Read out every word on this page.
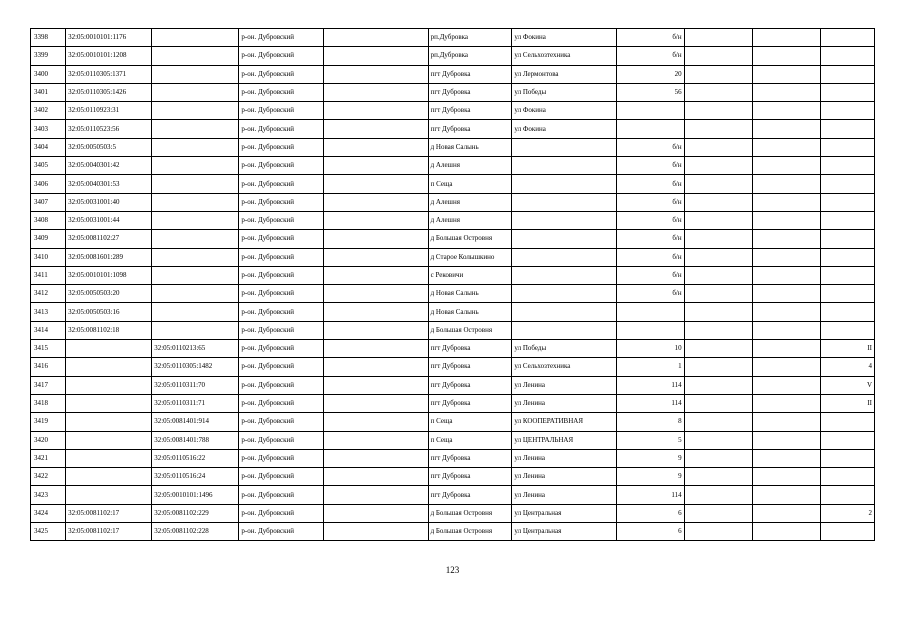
3398	32:05:0010101:1176		р-он. Дубровский		рп.Дубровка	ул Фокина	б/н			
3399	32:05:0010101:1208		р-он. Дубровский		рп.Дубровка	ул Сельхозтехника	б/н			
3400	32:05:0110305:1371		р-он. Дубровский		пгт Дубровка	ул Лермонтова	20			
3401	32:05:0110305:1426		р-он. Дубровский		пгт Дубровка	ул Победы	56			
3402	32:05:0110923:31		р-он. Дубровский		пгт Дубровка	ул Фокина				
3403	32:05:0110523:56		р-он. Дубровский		пгт Дубровка	ул Фокина				
3404	32:05:0050503:5		р-он. Дубровский		д Новая Салынь		б/н			
3405	32:05:0040301:42		р-он. Дубровский		д Алешня		б/н			
3406	32:05:0040301:53		р-он. Дубровский		п Сеща		б/н			
3407	32:05:0031001:40		р-он. Дубровский		д Алешня		б/н			
3408	32:05:0031001:44		р-он. Дубровский		д Алешня		б/н			
3409	32:05:0081102:27		р-он. Дубровский		д Большая Островня		б/н			
3410	32:05:0081601:289		р-он. Дубровский		д Старое Колышкино		б/н			
3411	32:05:0010101:1098		р-он. Дубровский		с Рековичи		б/н			
3412	32:05:0050503:20		р-он. Дубровский		д Новая Салынь		б/н			
3413	32:05:0050503:16		р-он. Дубровский		д Новая Салынь					
3414	32:05:0081102:18		р-он. Дубровский		д Большая Островня					
3415		32:05:0110213:65	р-он. Дубровский		пгт Дубровка	ул Победы	10			II
3416		32:05:0110305:1482	р-он. Дубровский		пгт Дубровка	ул Сельхозтехника	1			4
3417		32:05:0110311:70	р-он. Дубровский		пгт Дубровка	ул Ленина	114			V
3418		32:05:0110311:71	р-он. Дубровский		пгт Дубровка	ул Ленина	114			II
3419		32:05:0081401:914	р-он. Дубровский		п Сеща	ул КООПЕРАТИВНАЯ	8			
3420		32:05:0081401:788	р-он. Дубровский		п Сеща	ул ЦЕНТРАЛЬНАЯ	5			
3421		32:05:0110516:22	р-он. Дубровский		пгт Дубровка	ул Ленина	9			
3422		32:05:0110516:24	р-он. Дубровский		пгт Дубровка	ул Ленина	9			
3423		32:05:0010101:1496	р-он. Дубровский		пгт Дубровка	ул Ленина	114			
3424	32:05:0081102:17	32:05:0081102:229	р-он. Дубровский		д Большая Островня	ул Центральная	6			2
3425	32:05:0081102:17	32:05:0081102:228	р-он. Дубровский		д Большая Островня	ул Центральная	6			
123
